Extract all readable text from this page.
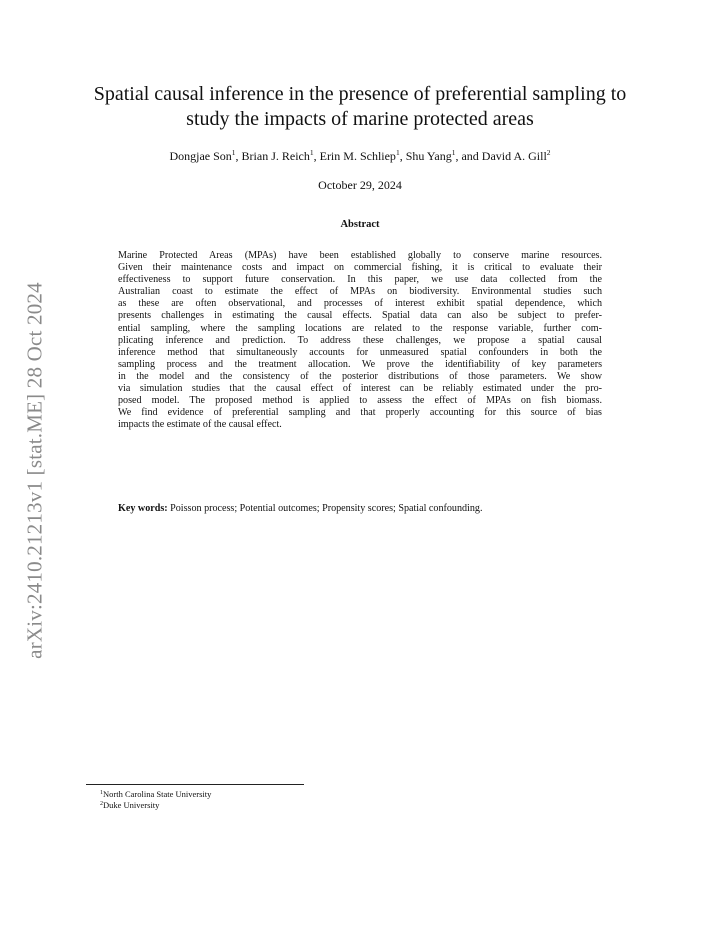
arXiv:2410.21213v1 [stat.ME] 28 Oct 2024
Spatial causal inference in the presence of preferential sampling to
study the impacts of marine protected areas
Dongjae Son$^1$, Brian J. Reich$^1$, Erin M. Schliep$^1$, Shu Yang$^1$, and David A. Gill$^2$
October 29, 2024
Abstract
Marine Protected Areas (MPAs) have been established globally to conserve marine resources.
Given their maintenance costs and impact on commercial fishing, it is critical to evaluate their
effectiveness to support future conservation. In this paper, we use data collected from the
Australian coast to estimate the effect of MPAs on biodiversity. Environmental studies such
as these are often observational, and processes of interest exhibit spatial dependence, which
presents challenges in estimating the causal effects. Spatial data can also be subject to prefer-
ential sampling, where the sampling locations are related to the response variable, further com-
plicating inference and prediction. To address these challenges, we propose a spatial causal
inference method that simultaneously accounts for unmeasured spatial confounders in both the
sampling process and the treatment allocation. We prove the identifiability of key parameters
in the model and the consistency of the posterior distributions of those parameters. We show
via simulation studies that the causal effect of interest can be reliably estimated under the pro-
posed model. The proposed method is applied to assess the effect of MPAs on fish biomass.
We find evidence of preferential sampling and that properly accounting for this source of bias
impacts the estimate of the causal effect.
Key words: Poisson process; Potential outcomes; Propensity scores; Spatial confounding.
$^1$North Carolina State University
$^2$Duke University
